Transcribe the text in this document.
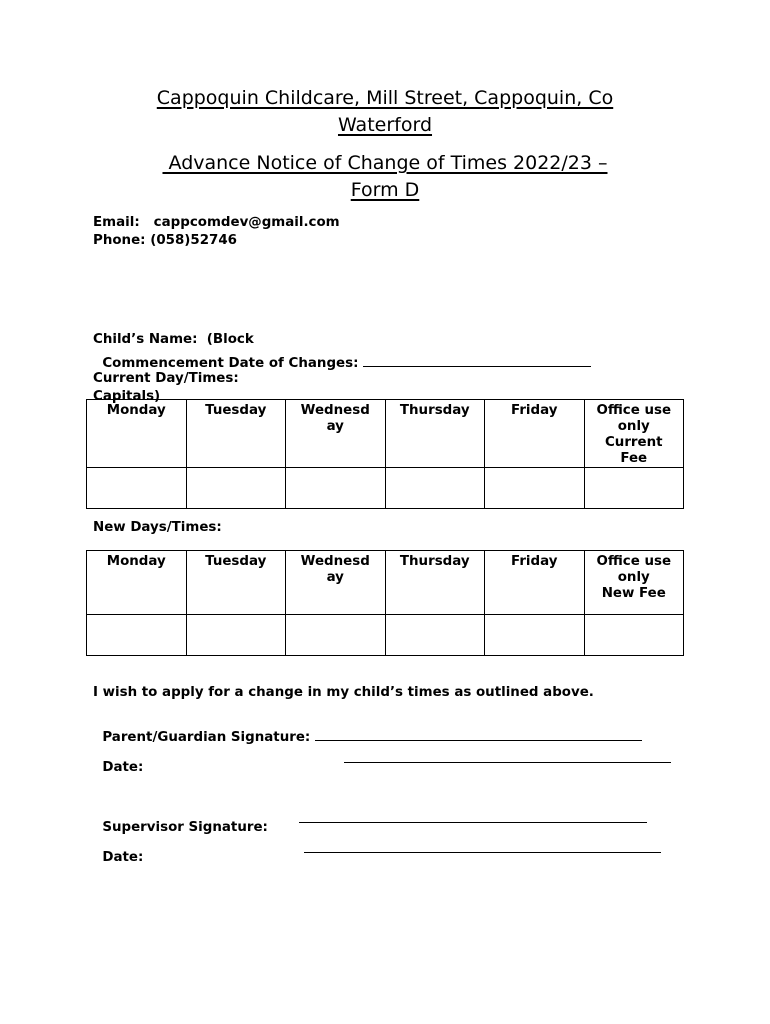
Cappoquin Childcare, Mill Street, Cappoquin, Co
Waterford
Advance Notice of Change of Times 2022/23 –
Form D
Email: cappcomdev@gmail.com
Phone: (058)52746

Child’s Name:  (Block

Capitals)

Commencement Date of Changes:

Current Day/Times:
Monday	Tuesday	Wednesday	Thursday	Friday	Office use
only
Current Fee

New Days/Times:
Monday	Tuesday	Wednesday	Thursday	Friday	Office use
only
New Fee

I wish to apply for a change in my child’s times as outlined above.

Parent/Guardian Signature:

Date:

Supervisor Signature:

Date:
